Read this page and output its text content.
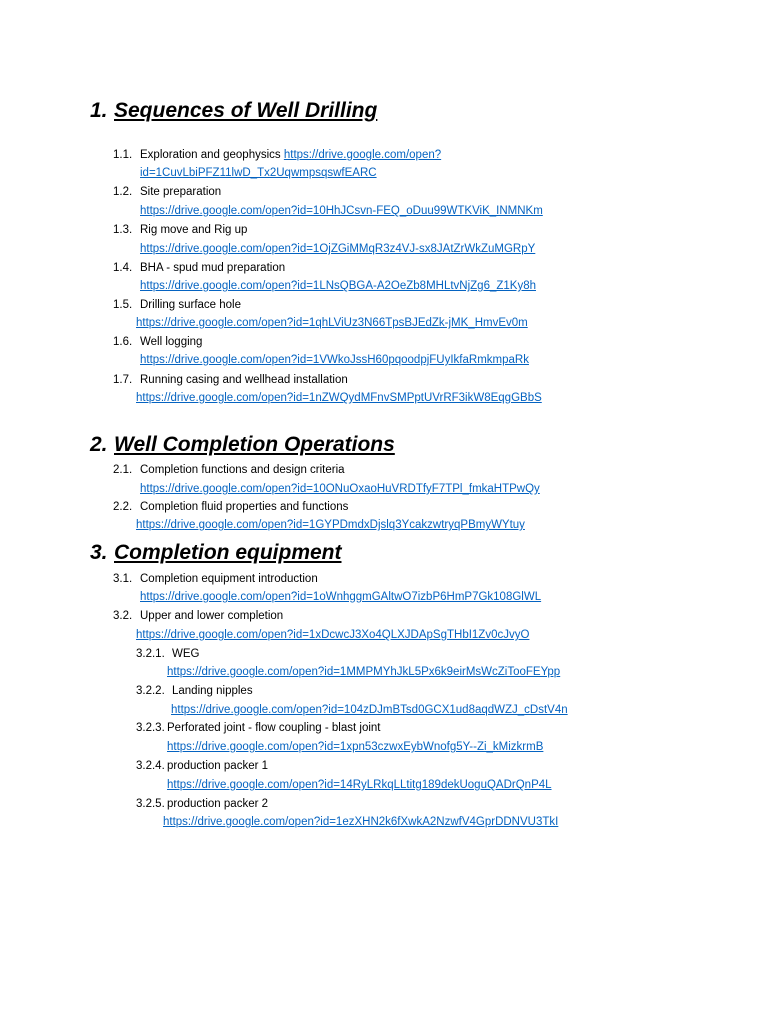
1. Sequences of Well Drilling
1.1. Exploration and geophysics https://drive.google.com/open?
id=1CuvLbiPFZ11lwD_Tx2UqwmpsqswfEARC
1.2. Site preparation
https://drive.google.com/open?id=10HhJCsvn-FEQ_oDuu99WTKViK_INMNKm
1.3. Rig move and Rig up
https://drive.google.com/open?id=1OjZGiMMqR3z4VJ-sx8JAtZrWkZuMGRpY
1.4. BHA - spud mud preparation
https://drive.google.com/open?id=1LNsQBGA-A2OeZb8MHLtvNjZg6_Z1Ky8h
1.5. Drilling surface hole
https://drive.google.com/open?id=1qhLViUz3N66TpsBJEdZk-jMK_HmvEv0m
1.6. Well logging
https://drive.google.com/open?id=1VWkoJssH60pqoodpjFUyIkfaRmkmpaRk
1.7. Running casing and wellhead installation
https://drive.google.com/open?id=1nZWQydMFnvSMPptUVrRF3ikW8EqgGBbS
2. Well Completion Operations
2.1. Completion functions and design criteria
https://drive.google.com/open?id=10ONuOxaoHuVRDTfyF7TPl_fmkaHTPwQy
2.2. Completion fluid properties and functions
https://drive.google.com/open?id=1GYPDmdxDjslq3YcakzwtryqPBmyWYtuy
3. Completion equipment
3.1. Completion equipment introduction
https://drive.google.com/open?id=1oWnhggmGAltwO7izbP6HmP7Gk108GlWL
3.2. Upper and lower completion
https://drive.google.com/open?id=1xDcwcJ3Xo4QLXJDApSgTHbI1Zv0cJvyO
3.2.1. WEG
https://drive.google.com/open?id=1MMPMYhJkL5Px6k9eirMsWcZiTooFEYpp
3.2.2. Landing nipples
https://drive.google.com/open?id=104zDJmBTsd0GCX1ud8aqdWZJ_cDstV4n
3.2.3. Perforated joint - flow coupling - blast joint
https://drive.google.com/open?id=1xpn53czwxEybWnofg5Y--Zi_kMizkrmB
3.2.4. production packer 1
https://drive.google.com/open?id=14RyLRkqLLtitg189dekUoguQADrQnP4L
3.2.5. production packer 2
https://drive.google.com/open?id=1ezXHN2k6fXwkA2NzwfV4GprDDNVU3TkI
